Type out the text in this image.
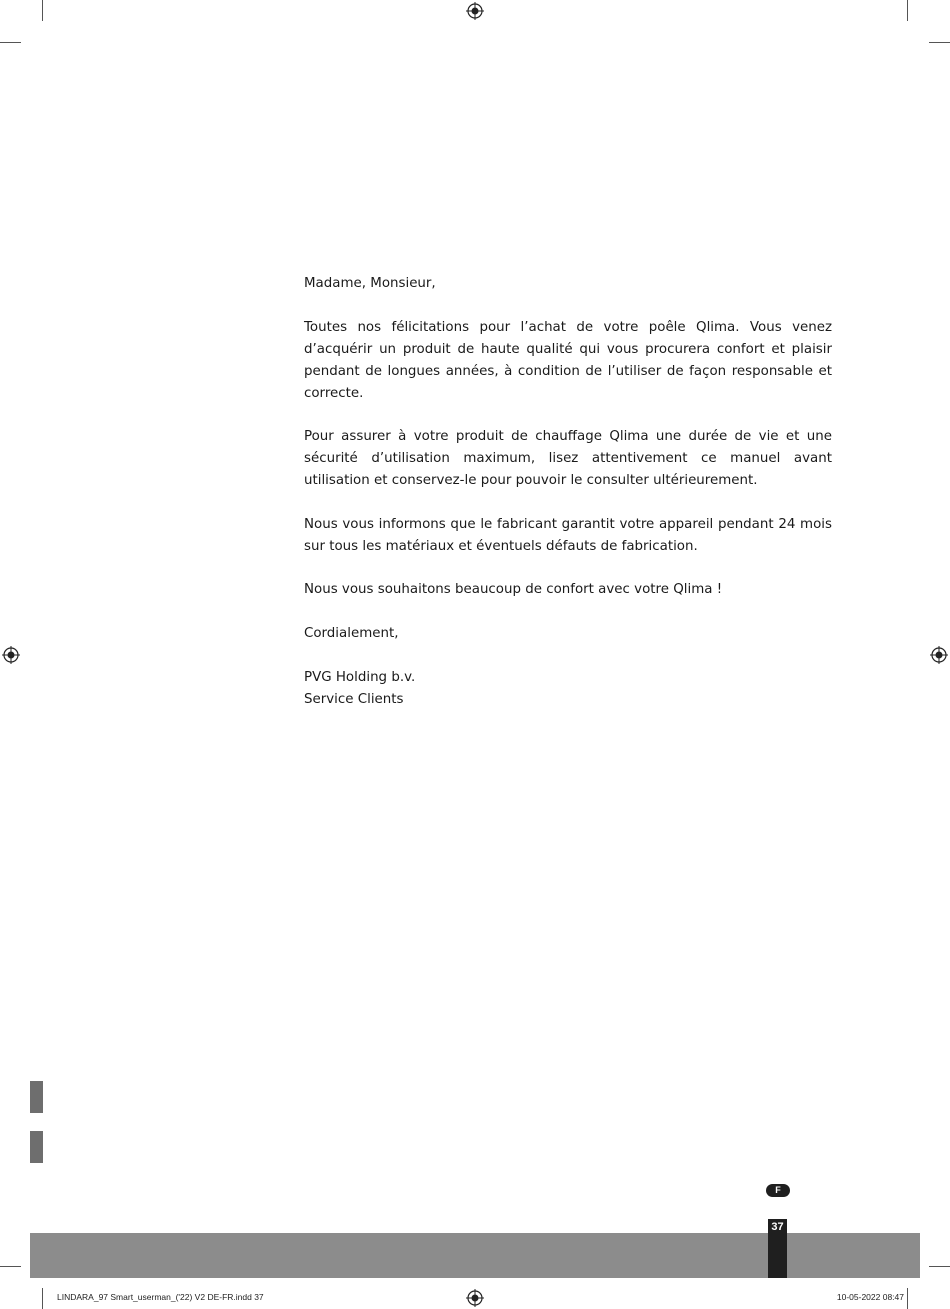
Madame, Monsieur,

Toutes nos félicitations pour l’achat de votre poêle Qlima. Vous venez d’acquérir un produit de haute qualité qui vous procurera confort et plaisir pendant de longues années, à condition de l’utiliser de façon responsable et correcte.

Pour assurer à votre produit de chauffage Qlima une durée de vie et une sécurité d’utilisation maximum, lisez attentivement ce manuel avant utilisation et conservez-le pour pouvoir le consulter ultérieurement.

Nous vous informons que le fabricant garantit votre appareil pendant 24 mois sur tous les matériaux et éventuels défauts de fabrication.

Nous vous souhaitons beaucoup de confort avec votre Qlima !

Cordialement,

PVG Holding b.v.
Service Clients

F
37
LINDARA_97 Smart_userman_('22) V2 DE-FR.indd 37	10-05-2022 08:47
